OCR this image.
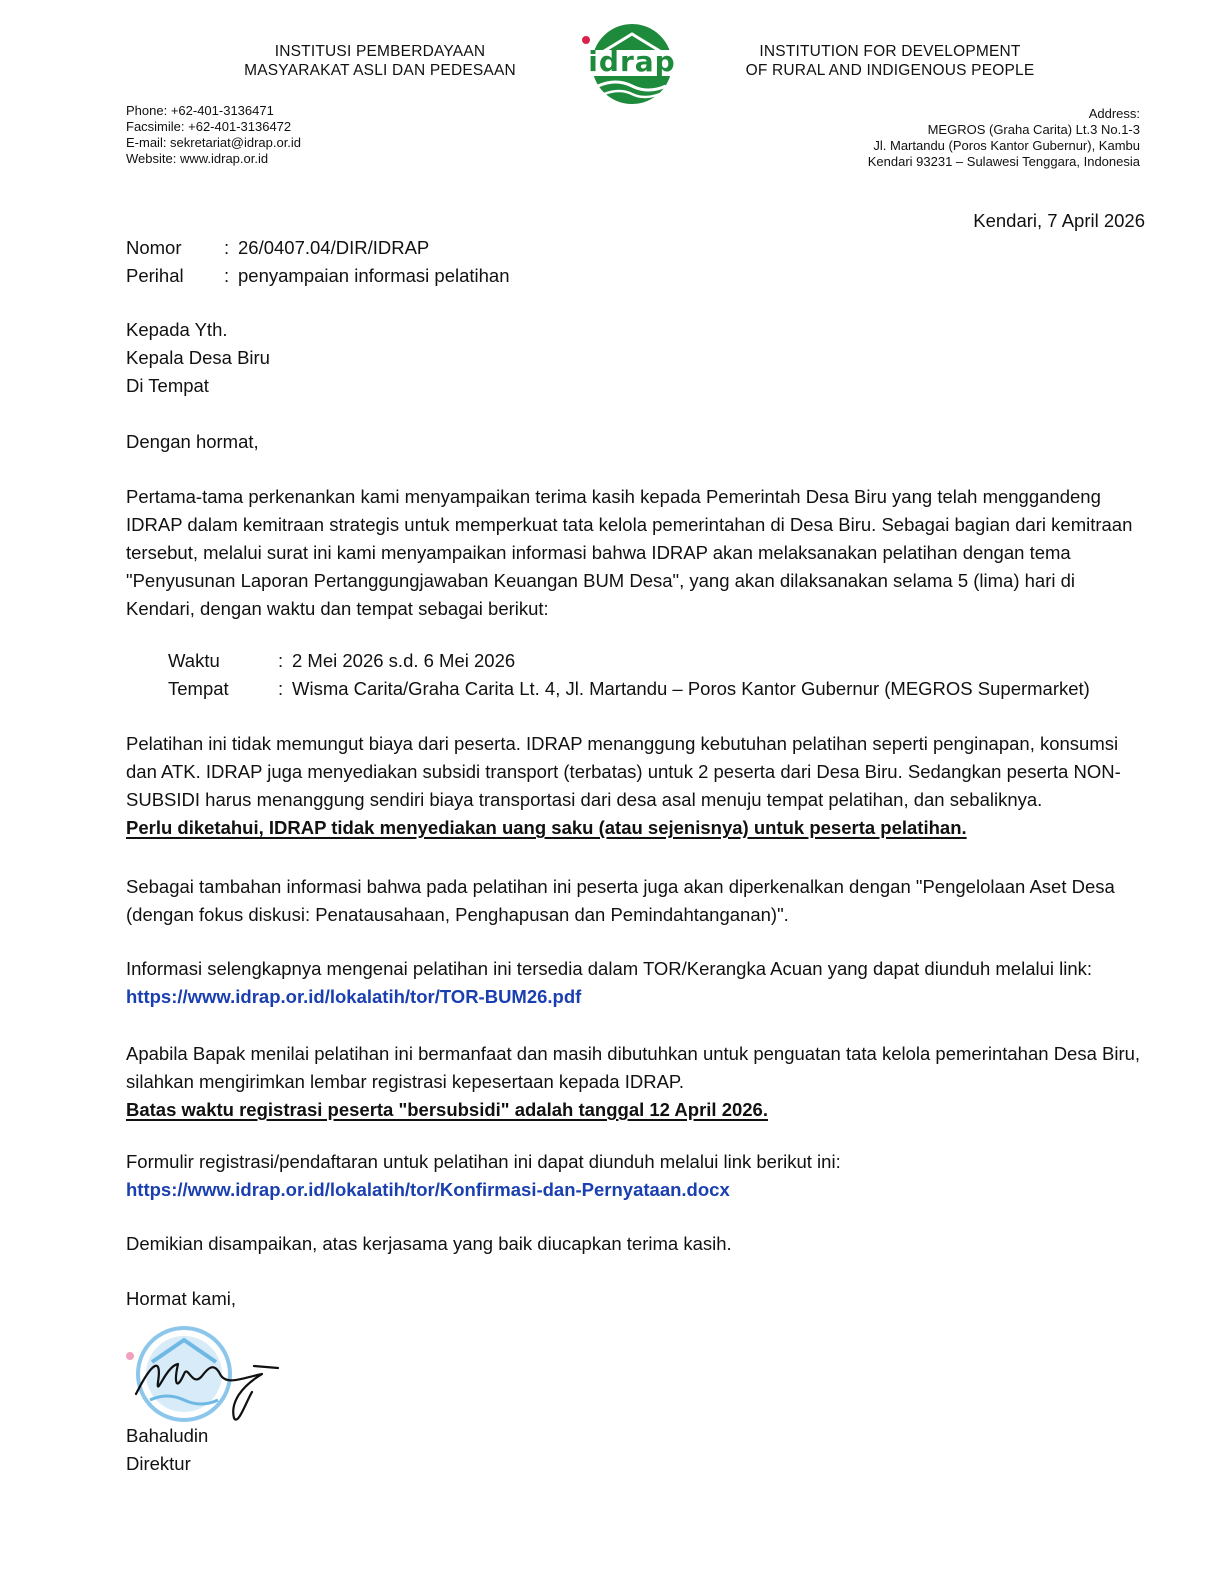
INSTITUSI PEMBERDAYAAN
MASYARAKAT ASLI DAN PEDESAAN	idrap	INSTITUTION FOR DEVELOPMENT
OF RURAL AND INDIGENOUS PEOPLE
Phone: +62-401-3136471
Facsimile: +62-401-3136472
E-mail: sekretariat@idrap.or.id
Website: www.idrap.or.id
Address:
MEGROS (Graha Carita) Lt.3 No.1-3
Jl. Martandu (Poros Kantor Gubernur), Kambu
Kendari 93231 – Sulawesi Tenggara, Indonesia
Kendari, 7 April 2026
Nomor	: 26/0407.04/DIR/IDRAP
Perihal	: penyampaian informasi pelatihan
Kepada Yth.
Kepala Desa Biru
Di Tempat
Dengan hormat,

Pertama-tama perkenankan kami menyampaikan terima kasih kepada Pemerintah Desa Biru yang telah menggandeng IDRAP dalam kemitraan strategis untuk memperkuat tata kelola pemerintahan di Desa Biru. Sebagai bagian dari kemitraan tersebut, melalui surat ini kami menyampaikan informasi bahwa IDRAP akan melaksanakan pelatihan dengan tema "Penyusunan Laporan Pertanggungjawaban Keuangan BUM Desa", yang akan dilaksanakan selama 5 (lima) hari di Kendari, dengan waktu dan tempat sebagai berikut:

Waktu	: 2 Mei 2026 s.d. 6 Mei 2026
Tempat	: Wisma Carita/Graha Carita Lt. 4, Jl. Martandu – Poros Kantor Gubernur (MEGROS Supermarket)

Pelatihan ini tidak memungut biaya dari peserta. IDRAP menanggung kebutuhan pelatihan seperti penginapan, konsumsi dan ATK. IDRAP juga menyediakan subsidi transport (terbatas) untuk 2 peserta dari Desa Biru. Sedangkan peserta NON-SUBSIDI harus menanggung sendiri biaya transportasi dari desa asal menuju tempat pelatihan, dan sebaliknya.

Perlu diketahui, IDRAP tidak menyediakan uang saku (atau sejenisnya) untuk peserta pelatihan.

Sebagai tambahan informasi bahwa pada pelatihan ini peserta juga akan diperkenalkan dengan "Pengelolaan Aset Desa (dengan fokus diskusi: Penatausahaan, Penghapusan dan Pemindahtanganan)".

Informasi selengkapnya mengenai pelatihan ini tersedia dalam TOR/Kerangka Acuan yang dapat diunduh melalui link:

https://www.idrap.or.id/lokalatih/tor/TOR-BUM26.pdf

Apabila Bapak menilai pelatihan ini bermanfaat dan masih dibutuhkan untuk penguatan tata kelola pemerintahan Desa Biru, silahkan mengirimkan lembar registrasi kepesertaan kepada IDRAP.

Batas waktu registrasi peserta "bersubsidi" adalah tanggal 12 April 2026.

Formulir registrasi/pendaftaran untuk pelatihan ini dapat diunduh melalui link berikut ini:

https://www.idrap.or.id/lokalatih/tor/Konfirmasi-dan-Pernyataan.docx

Demikian disampaikan, atas kerjasama yang baik diucapkan terima kasih.
Hormat kami,
Bahaludin
Direktur
